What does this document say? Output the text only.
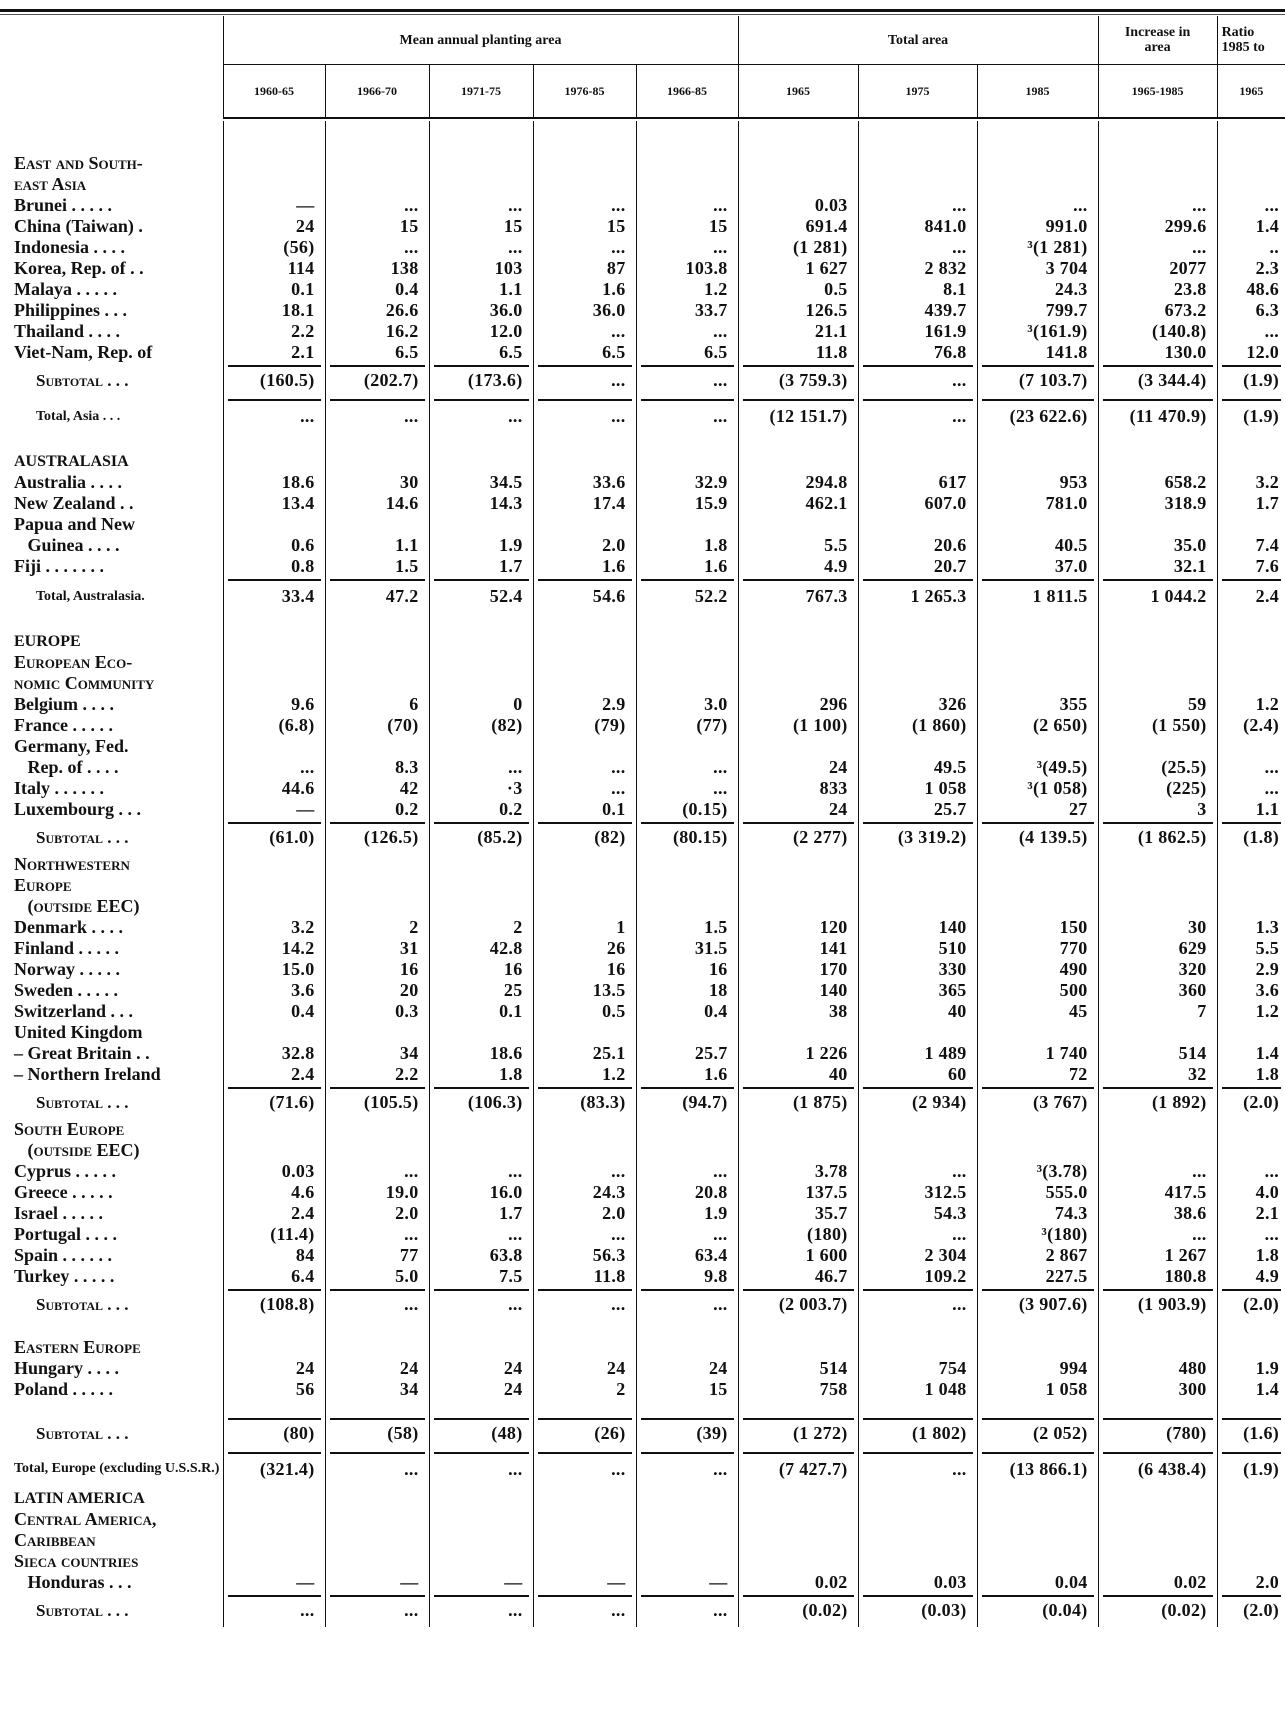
	Mean annual planting area					Total area			Increase in area	Ratio 1985 to
	1960-65	1966-70	1971-75	1976-85	1966-85	1965	1975	1985	1965-1985	1965

East and South-										
east Asia										
Brunei . . . . .	—	...	...	...	...	0.03	...	...	...	...
China (Taiwan) .	24	15	15	15	15	691.4	841.0	991.0	299.6	1.4
Indonesia . . . .	(56)	...	...	...	...	(1 281)	...	³(1 281)	...	..
Korea, Rep. of . .	114	138	103	87	103.8	1 627	2 832	3 704	2077	2.3
Malaya . . . . .	0.1	0.4	1.1	1.6	1.2	0.5	8.1	24.3	23.8	48.6
Philippines . . .	18.1	26.6	36.0	36.0	33.7	126.5	439.7	799.7	673.2	6.3
Thailand . . . .	2.2	16.2	12.0	...	...	21.1	161.9	³(161.9)	(140.8)	...
Viet-Nam, Rep. of	2.1	6.5	6.5	6.5	6.5	11.8	76.8	141.8	130.0	12.0
Subtotal . . .	(160.5)	(202.7)	(173.6)	...	...	(3 759.3)	...	(7 103.7)	(3 344.4)	(1.9)
Total, Asia . . .	...	...	...	...	...	(12 151.7)	...	(23 622.6)	(11 470.9)	(1.9)

AUSTRALASIA										
Australia . . . .	18.6	30	34.5	33.6	32.9	294.8	617	953	658.2	3.2
New Zealand . .	13.4	14.6	14.3	17.4	15.9	462.1	607.0	781.0	318.9	1.7
Papua and New										
Guinea . . . .	0.6	1.1	1.9	2.0	1.8	5.5	20.6	40.5	35.0	7.4
Fiji . . . . . . .	0.8	1.5	1.7	1.6	1.6	4.9	20.7	37.0	32.1	7.6
Total, Australasia.	33.4	47.2	52.4	54.6	52.2	767.3	1 265.3	1 811.5	1 044.2	2.4

EUROPE										
European Eco-										
nomic Community										
Belgium . . . .	9.6	6	0	2.9	3.0	296	326	355	59	1.2
France . . . . .	(6.8)	(70)	(82)	(79)	(77)	(1 100)	(1 860)	(2 650)	(1 550)	(2.4)
Germany, Fed.										
Rep. of . . . .	...	8.3	...	...	...	24	49.5	³(49.5)	(25.5)	...
Italy . . . . . .	44.6	42	·3	...	...	833	1 058	³(1 058)	(225)	...
Luxembourg . . .	—	0.2	0.2	0.1	(0.15)	24	25.7	27	3	1.1
Subtotal . . .	(61.0)	(126.5)	(85.2)	(82)	(80.15)	(2 277)	(3 319.2)	(4 139.5)	(1 862.5)	(1.8)
Northwestern										
Europe										
(outside EEC)										
Denmark . . . .	3.2	2	2	1	1.5	120	140	150	30	1.3
Finland . . . . .	14.2	31	42.8	26	31.5	141	510	770	629	5.5
Norway . . . . .	15.0	16	16	16	16	170	330	490	320	2.9
Sweden . . . . .	3.6	20	25	13.5	18	140	365	500	360	3.6
Switzerland . . .	0.4	0.3	0.1	0.5	0.4	38	40	45	7	1.2
United Kingdom										
– Great Britain . .	32.8	34	18.6	25.1	25.7	1 226	1 489	1 740	514	1.4
– Northern Ireland	2.4	2.2	1.8	1.2	1.6	40	60	72	32	1.8
Subtotal . . .	(71.6)	(105.5)	(106.3)	(83.3)	(94.7)	(1 875)	(2 934)	(3 767)	(1 892)	(2.0)
South Europe										
(outside EEC)										
Cyprus . . . . .	0.03	...	...	...	...	3.78	...	³(3.78)	...	...
Greece . . . . .	4.6	19.0	16.0	24.3	20.8	137.5	312.5	555.0	417.5	4.0
Israel . . . . .	2.4	2.0	1.7	2.0	1.9	35.7	54.3	74.3	38.6	2.1
Portugal . . . .	(11.4)	...	...	...	...	(180)	...	³(180)	...	...
Spain . . . . . .	84	77	63.8	56.3	63.4	1 600	2 304	2 867	1 267	1.8
Turkey . . . . .	6.4	5.0	7.5	11.8	9.8	46.7	109.2	227.5	180.8	4.9
Subtotal . . .	(108.8)	...	...	...	...	(2 003.7)	...	(3 907.6)	(1 903.9)	(2.0)

Eastern Europe										
Hungary . . . .	24	24	24	24	24	514	754	994	480	1.9
Poland . . . . .	56	34	24	2	15	758	1 048	1 058	300	1.4

Subtotal . . .	(80)	(58)	(48)	(26)	(39)	(1 272)	(1 802)	(2 052)	(780)	(1.6)
Total, Europe (excluding U.S.S.R.)	(321.4)	...	...	...	...	(7 427.7)	...	(13 866.1)	(6 438.4)	(1.9)
LATIN AMERICA										
Central America,										
Caribbean										
Sieca countries										
Honduras . . .	—	—	—	—	—	0.02	0.03	0.04	0.02	2.0
Subtotal . . .	...	...	...	...	...	(0.02)	(0.03)	(0.04)	(0.02)	(2.0)
